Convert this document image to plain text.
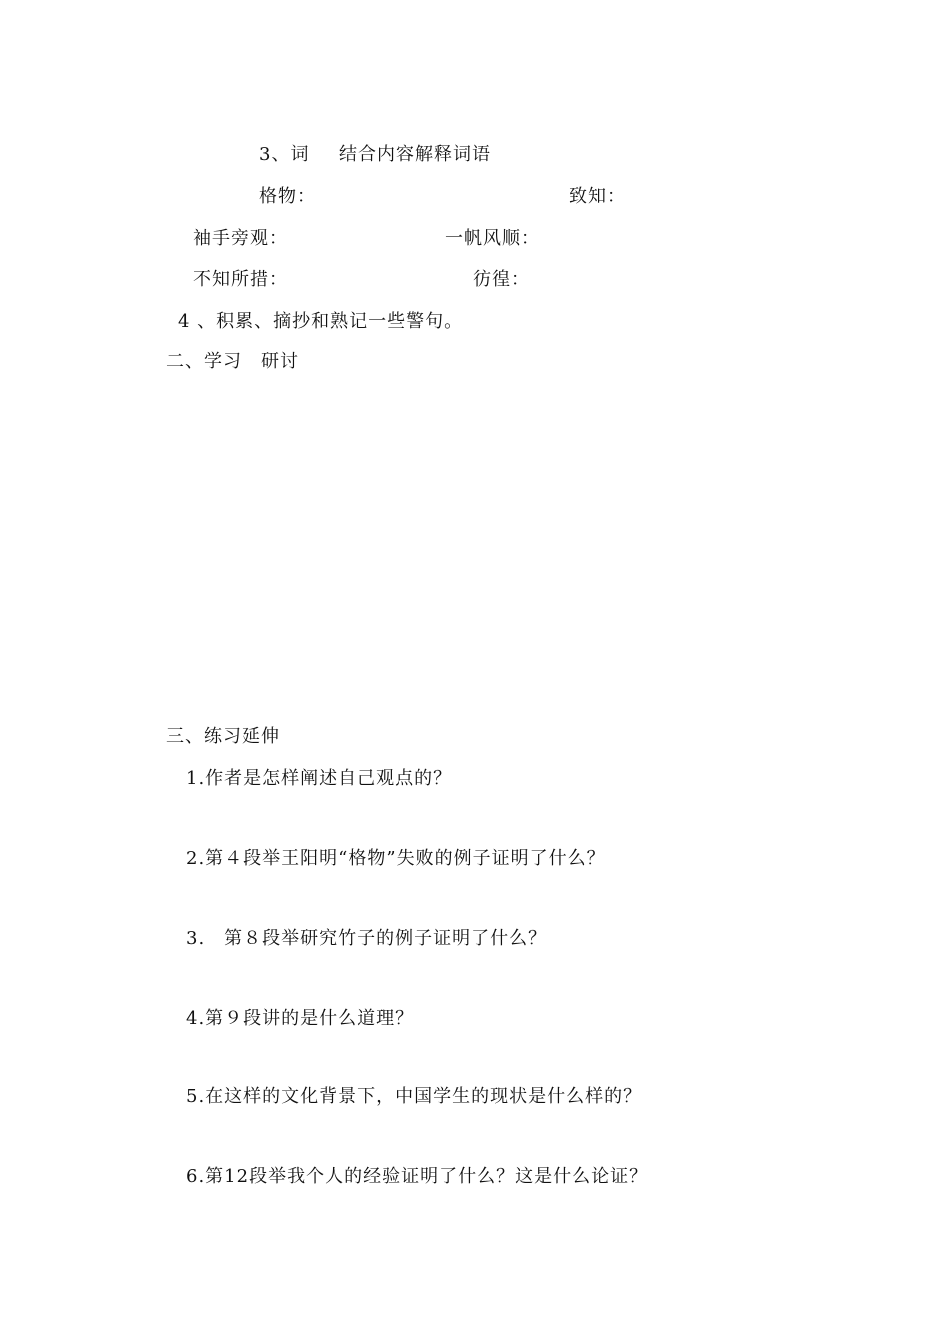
3、词 结合内容解释词语
格物：	致知：
袖手旁观：	一帆风顺：
不知所措：	彷徨：
4 、积累、摘抄和熟记一些警句。
二、学习　研讨
三、练习延伸
1.作者是怎样阐述自己观点的？
2.第４段举王阳明“格物”失败的例子证明了什么？
3.　第８段举研究竹子的例子证明了什么？
4.第９段讲的是什么道理？
5.在这样的文化背景下，中国学生的现状是什么样的？
6.第12段举我个人的经验证明了什么？这是什么论证？
